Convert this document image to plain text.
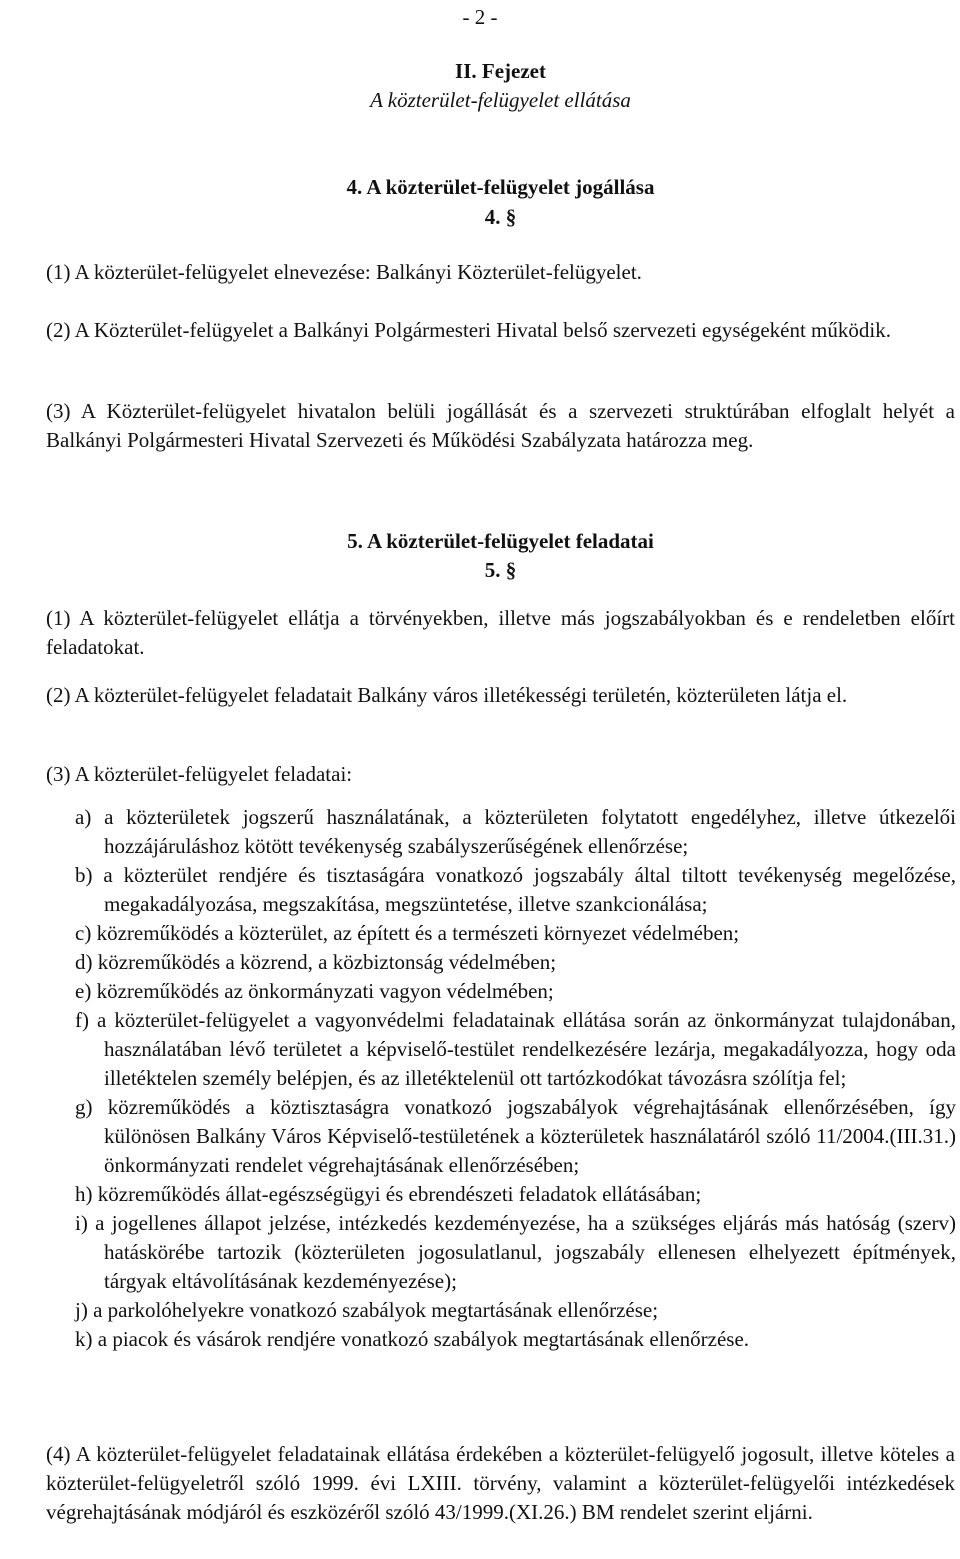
- 2 -
II. Fejezet
A közterület-felügyelet ellátása
4. A közterület-felügyelet jogállása
4. §

(1) A közterület-felügyelet elnevezése: Balkányi Közterület-felügyelet.

(2) A Közterület-felügyelet a Balkányi Polgármesteri Hivatal belső szervezeti egységeként működik.

(3) A Közterület-felügyelet hivatalon belüli jogállását és a szervezeti struktúrában elfoglalt helyét a Balkányi Polgármesteri Hivatal Szervezeti és Működési Szabályzata határozza meg.

5. A közterület-felügyelet feladatai
5. §

(1) A közterület-felügyelet ellátja a törvényekben, illetve más jogszabályokban és e rendeletben előírt feladatokat.

(2) A közterület-felügyelet feladatait Balkány város illetékességi területén, közterületen látja el.

(3) A közterület-felügyelet feladatai:

a) a közterületek jogszerű használatának, a közterületen folytatott engedélyhez, illetve útkezelői hozzájáruláshoz kötött tevékenység szabályszerűségének ellenőrzése;
b) a közterület rendjére és tisztaságára vonatkozó jogszabály által tiltott tevékenység megelőzése, megakadályozása, megszakítása, megszüntetése, illetve szankcionálása;
c) közreműködés a közterület, az épített és a természeti környezet védelmében;
d) közreműködés a közrend, a közbiztonság védelmében;
e) közreműködés az önkormányzati vagyon védelmében;
f) a közterület-felügyelet a vagyonvédelmi feladatainak ellátása során az önkormányzat tulajdonában, használatában lévő területet a képviselő-testület rendelkezésére lezárja, megakadályozza, hogy oda illetéktelen személy belépjen, és az illetéktelenül ott tartózkodókat távozásra szólítja fel;
g) közreműködés a köztisztaságra vonatkozó jogszabályok végrehajtásának ellenőrzésében, így különösen Balkány Város Képviselő-testületének a közterületek használatáról szóló 11/2004.(III.31.) önkormányzati rendelet végrehajtásának ellenőrzésében;
h) közreműködés állat-egészségügyi és ebrendészeti feladatok ellátásában;
i) a jogellenes állapot jelzése, intézkedés kezdeményezése, ha a szükséges eljárás más hatóság (szerv) hatáskörébe tartozik (közterületen jogosulatlanul, jogszabály ellenesen elhelyezett építmények, tárgyak eltávolításának kezdeményezése);
j) a parkolóhelyekre vonatkozó szabályok megtartásának ellenőrzése;
k) a piacok és vásárok rendjére vonatkozó szabályok megtartásának ellenőrzése.

(4) A közterület-felügyelet feladatainak ellátása érdekében a közterület-felügyelő jogosult, illetve köteles a közterület-felügyeletről szóló 1999. évi LXIII. törvény, valamint a közterület-felügyelői intézkedések végrehajtásának módjáról és eszközéről szóló 43/1999.(XI.26.) BM rendelet szerint eljárni.
